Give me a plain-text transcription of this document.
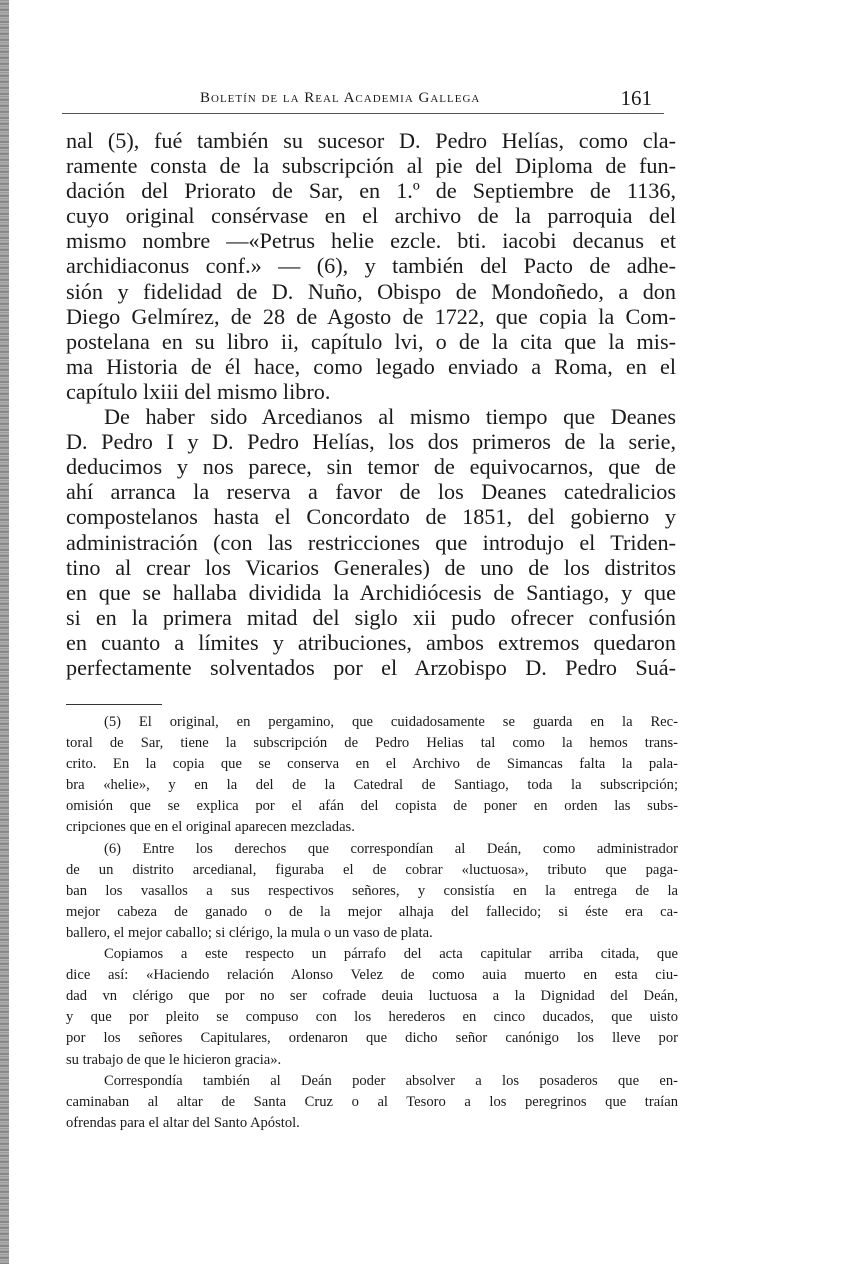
Boletín de la Real Academia Gallega	161
nal (5), fué también su sucesor D. Pedro Helías, como cla-
ramente consta de la subscripción al pie del Diploma de fun-
dación del Priorato de Sar, en 1.º de Septiembre de 1136,
cuyo original consérvase en el archivo de la parroquia del
mismo nombre —«Petrus helie ezcle. bti. iacobi decanus et
archidiaconus conf.» — (6), y también del Pacto de adhe-
sión y fidelidad de D. Nuño, Obispo de Mondoñedo, a don
Diego Gelmírez, de 28 de Agosto de 1722, que copia la Com-
postelana en su libro ii, capítulo lvi, o de la cita que la mis-
ma Historia de él hace, como legado enviado a Roma, en el
capítulo lxiii del mismo libro.
De haber sido Arcedianos al mismo tiempo que Deanes
D. Pedro I y D. Pedro Helías, los dos primeros de la serie,
deducimos y nos parece, sin temor de equivocarnos, que de
ahí arranca la reserva a favor de los Deanes catedralicios
compostelanos hasta el Concordato de 1851, del gobierno y
administración (con las restricciones que introdujo el Triden-
tino al crear los Vicarios Generales) de uno de los distritos
en que se hallaba dividida la Archidiócesis de Santiago, y que
si en la primera mitad del siglo xii pudo ofrecer confusión
en cuanto a límites y atribuciones, ambos extremos quedaron
perfectamente solventados por el Arzobispo D. Pedro Suá-
(5) El original, en pergamino, que cuidadosamente se guarda en la Rec-
toral de Sar, tiene la subscripción de Pedro Helias tal como la hemos trans-
crito. En la copia que se conserva en el Archivo de Simancas falta la pala-
bra «helie», y en la del de la Catedral de Santiago, toda la subscripción;
omisión que se explica por el afán del copista de poner en orden las subs-
cripciones que en el original aparecen mezcladas.
(6) Entre los derechos que correspondían al Deán, como administrador
de un distrito arcedianal, figuraba el de cobrar «luctuosa», tributo que paga-
ban los vasallos a sus respectivos señores, y consistía en la entrega de la
mejor cabeza de ganado o de la mejor alhaja del fallecido; si éste era ca-
ballero, el mejor caballo; si clérigo, la mula o un vaso de plata.
Copiamos a este respecto un párrafo del acta capitular arriba citada, que
dice así: «Haciendo relación Alonso Velez de como auia muerto en esta ciu-
dad vn clérigo que por no ser cofrade deuia luctuosa a la Dignidad del Deán,
y que por pleito se compuso con los herederos en cinco ducados, que uisto
por los señores Capitulares, ordenaron que dicho señor canónigo los lleve por
su trabajo de que le hicieron gracia».
Correspondía también al Deán poder absolver a los posaderos que en-
caminaban al altar de Santa Cruz o al Tesoro a los peregrinos que traían
ofrendas para el altar del Santo Apóstol.
